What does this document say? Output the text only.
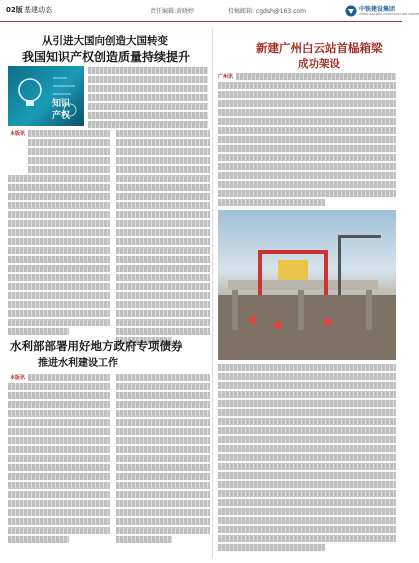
02版 基建动态	责任编辑:黄晓婷	投稿邮箱: cgdsh@163.com	中铁建设集团
CHINA RAILWAY CONSTRUCTION GROUP
从引进大国向创造大国转变
我国知识产权创造质量持续提升
知识
产权
本版讯
水利部部署用好地方政府专项债券
推进水利建设工作
本版讯
新建广州白云站首榀箱梁
成功架设
广州讯
